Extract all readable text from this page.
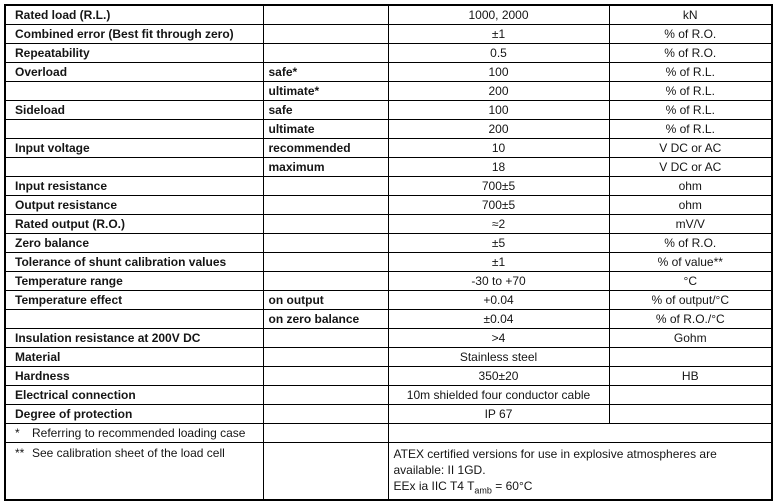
Rated load (R.L.)		1000, 2000	kN
Combined error (Best fit through zero)		±1	% of R.O.
Repeatability		0.5	% of R.O.
Overload	safe*	100	% of R.L.
	ultimate*	200	% of R.L.
Sideload	safe	100	% of R.L.
	ultimate	200	% of R.L.
Input voltage	recommended	10	V DC or AC
	maximum	18	V DC or AC
Input resistance		700±5	ohm
Output resistance		700±5	ohm
Rated output (R.O.)		≈2	mV/V
Zero balance		±5	% of R.O.
Tolerance of shunt calibration values		±1	% of value**
Temperature range		-30 to +70	°C
Temperature effect	on output	+0.04	% of output/°C
	on zero balance	±0.04	% of R.O./°C
Insulation resistance at 200V DC		>4	Gohm
Material		Stainless steel	
Hardness		350±20	HB
Electrical connection		10m shielded four conductor cable	
Degree of protection		IP 67	
* Referring to recommended loading case			
** See calibration sheet of the load cell		ATEX certified versions for use in explosive atmospheres are
available: II 1GD.
EEx ia IIC T4 $T_{amb} = 60^\circ C$	
